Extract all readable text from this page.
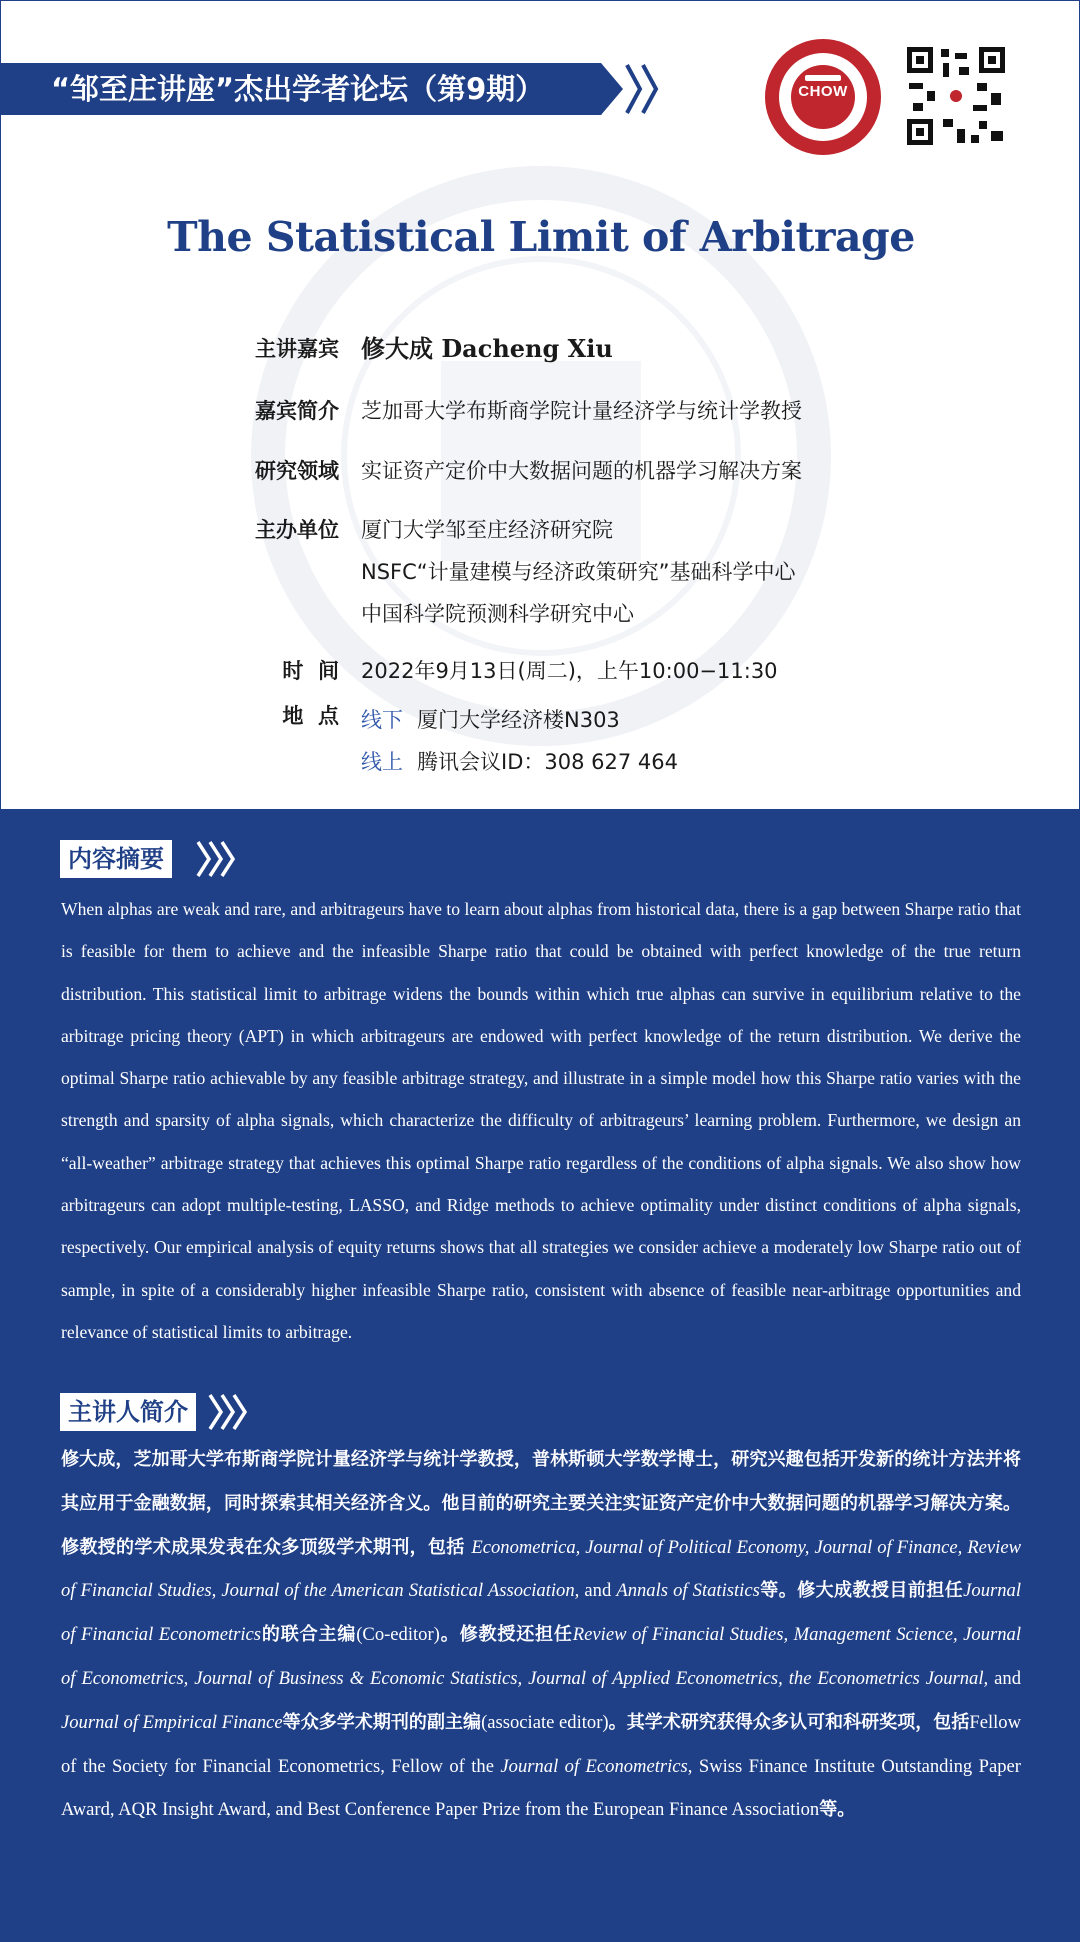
“邹至庄讲座”杰出学者论坛（第9期）	CHOW
The Statistical Limit of Arbitrage
主讲嘉宾 修大成 Dacheng Xiu
嘉宾简介 芝加哥大学布斯商学院计量经济学与统计学教授
研究领域 实证资产定价中大数据问题的机器学习解决方案
主办单位 厦门大学邹至庄经济研究院
NSFC“计量建模与经济政策研究”基础科学中心
中国科学院预测科学研究中心
时  间 2022年9月13日(周二)，上午10:00−11:30
地  点 线下 厦门大学经济楼N303
线上 腾讯会议ID：308 627 464
内容摘要
When alphas are weak and rare, and arbitrageurs have to learn about alphas from historical data, there is a gap between Sharpe ratio that is feasible for them to achieve and the infeasible Sharpe ratio that could be obtained with perfect knowledge of the true return distribution. This statistical limit to arbitrage widens the bounds within which true alphas can survive in equilibrium relative to the arbitrage pricing theory (APT) in which arbitrageurs are endowed with perfect knowledge of the return distribution. We derive the optimal Sharpe ratio achievable by any feasible arbitrage strategy, and illustrate in a simple model how this Sharpe ratio varies with the strength and sparsity of alpha signals, which characterize the difficulty of arbitrageurs’ learning problem. Furthermore, we design an “all-weather” arbitrage strategy that achieves this optimal Sharpe ratio regardless of the conditions of alpha signals. We also show how arbitrageurs can adopt multiple-testing, LASSO, and Ridge methods to achieve optimality under distinct conditions of alpha signals, respectively. Our empirical analysis of equity returns shows that all strategies we consider achieve a moderately low Sharpe ratio out of sample, in spite of a considerably higher infeasible Sharpe ratio, consistent with absence of feasible near-arbitrage opportunities and relevance of statistical limits to arbitrage.
主讲人简介
修大成，芝加哥大学布斯商学院计量经济学与统计学教授，普林斯顿大学数学博士，研究兴趣包括开发新的统计方法并将其应用于金融数据，同时探索其相关经济含义。他目前的研究主要关注实证资产定价中大数据问题的机器学习解决方案。修教授的学术成果发表在众多顶级学术期刊，包括 Econometrica, Journal of Political Economy, Journal of Finance, Review of Financial Studies, Journal of the American Statistical Association, and Annals of Statistics等。修大成教授目前担任Journal of Financial Econometrics的联合主编(Co-editor)。修教授还担任Review of Financial Studies, Management Science, Journal of Econometrics, Journal of Business & Economic Statistics, Journal of Applied Econometrics, the Econometrics Journal, and Journal of Empirical Finance等众多学术期刊的副主编(associate editor)。其学术研究获得众多认可和科研奖项，包括Fellow of the Society for Financial Econometrics, Fellow of the Journal of Econometrics, Swiss Finance Institute Outstanding Paper Award, AQR Insight Award, and Best Conference Paper Prize from the European Finance Association等。
